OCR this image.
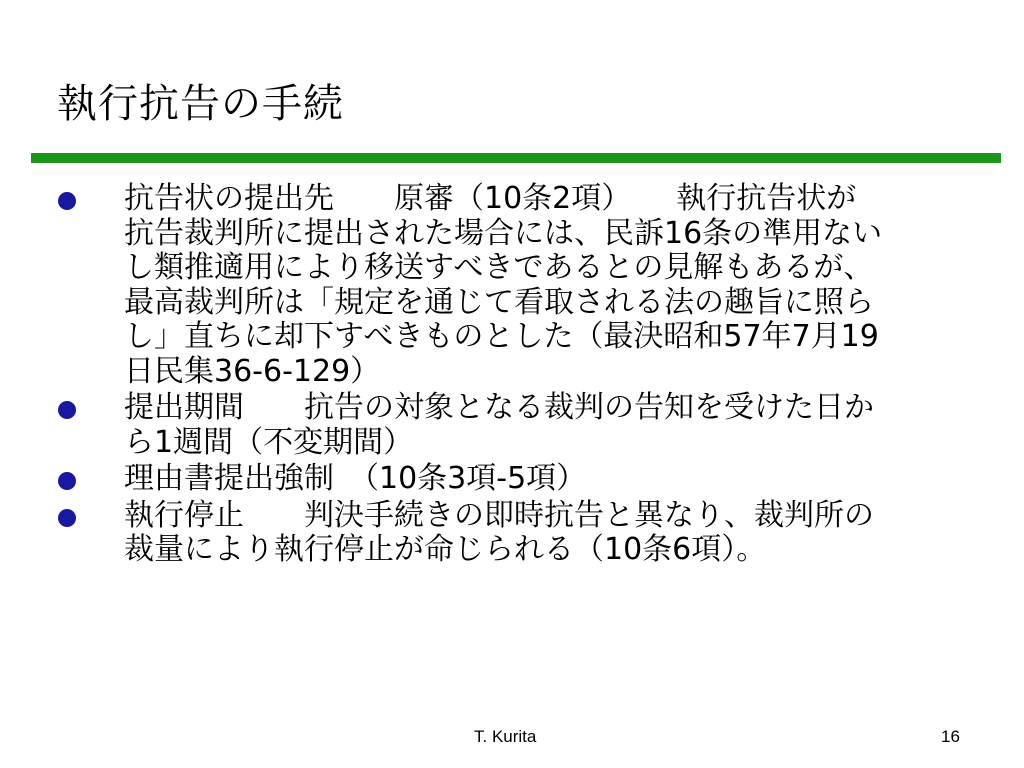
執行抗告の手続
抗告状の提出先　　原審（10条2項）　　執行抗告状が
抗告裁判所に提出された場合には、民訴16条の準用ない
し類推適用により移送すべきであるとの見解もあるが、
最高裁判所は「規定を通じて看取される法の趣旨に照ら
し」直ちに却下すべきものとした（最決昭和57年7月19
日民集36-6-129）
提出期間　　抗告の対象となる裁判の告知を受けた日か
ら1週間（不変期間）
理由書提出強制　（10条3項-5項）
執行停止　　判決手続きの即時抗告と異なり、裁判所の
裁量により執行停止が命じられる（10条6項）。
T. Kurita	16
